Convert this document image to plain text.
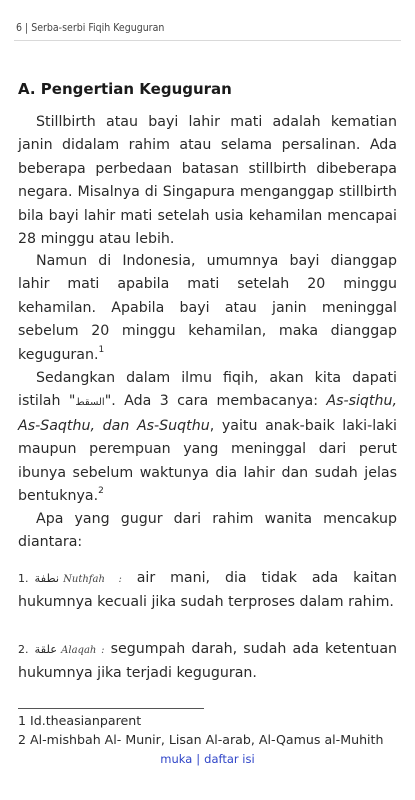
6 | Serba-serbi Fiqih Keguguran
A. Pengertian Keguguran

Stillbirth atau bayi lahir mati adalah kematian janin didalam rahim atau selama persalinan. Ada beberapa perbedaan batasan stillbirth dibeberapa negara. Misalnya di Singapura menganggap stillbirth bila bayi lahir mati setelah usia kehamilan mencapai 28 minggu atau lebih.

Namun di Indonesia, umumnya bayi dianggap lahir mati apabila mati setelah 20 minggu kehamilan. Apabila bayi atau janin meninggal sebelum 20 minggu kehamilan, maka dianggap keguguran.$^1$

Sedangkan dalam ilmu fiqih, akan kita dapati istilah "السقط". Ada 3 cara membacanya: As-siqthu, As-Saqthu, dan As-Suqthu, yaitu anak-baik laki-laki maupun perempuan yang meninggal dari perut ibunya sebelum waktunya dia lahir dan sudah jelas bentuknya.$^2$

Apa yang gugur dari rahim wanita mencakup diantara:

1. نطفة Nuthfah : air mani, dia tidak ada kaitan hukumnya kecuali jika sudah terproses dalam rahim.
2. علقة Alaqah : segumpah darah, sudah ada ketentuan hukumnya jika terjadi keguguran.
1 Id.theasianparent
2 Al-mishbah Al- Munir, Lisan Al-arab, Al-Qamus al-Muhith
muka | daftar isi
